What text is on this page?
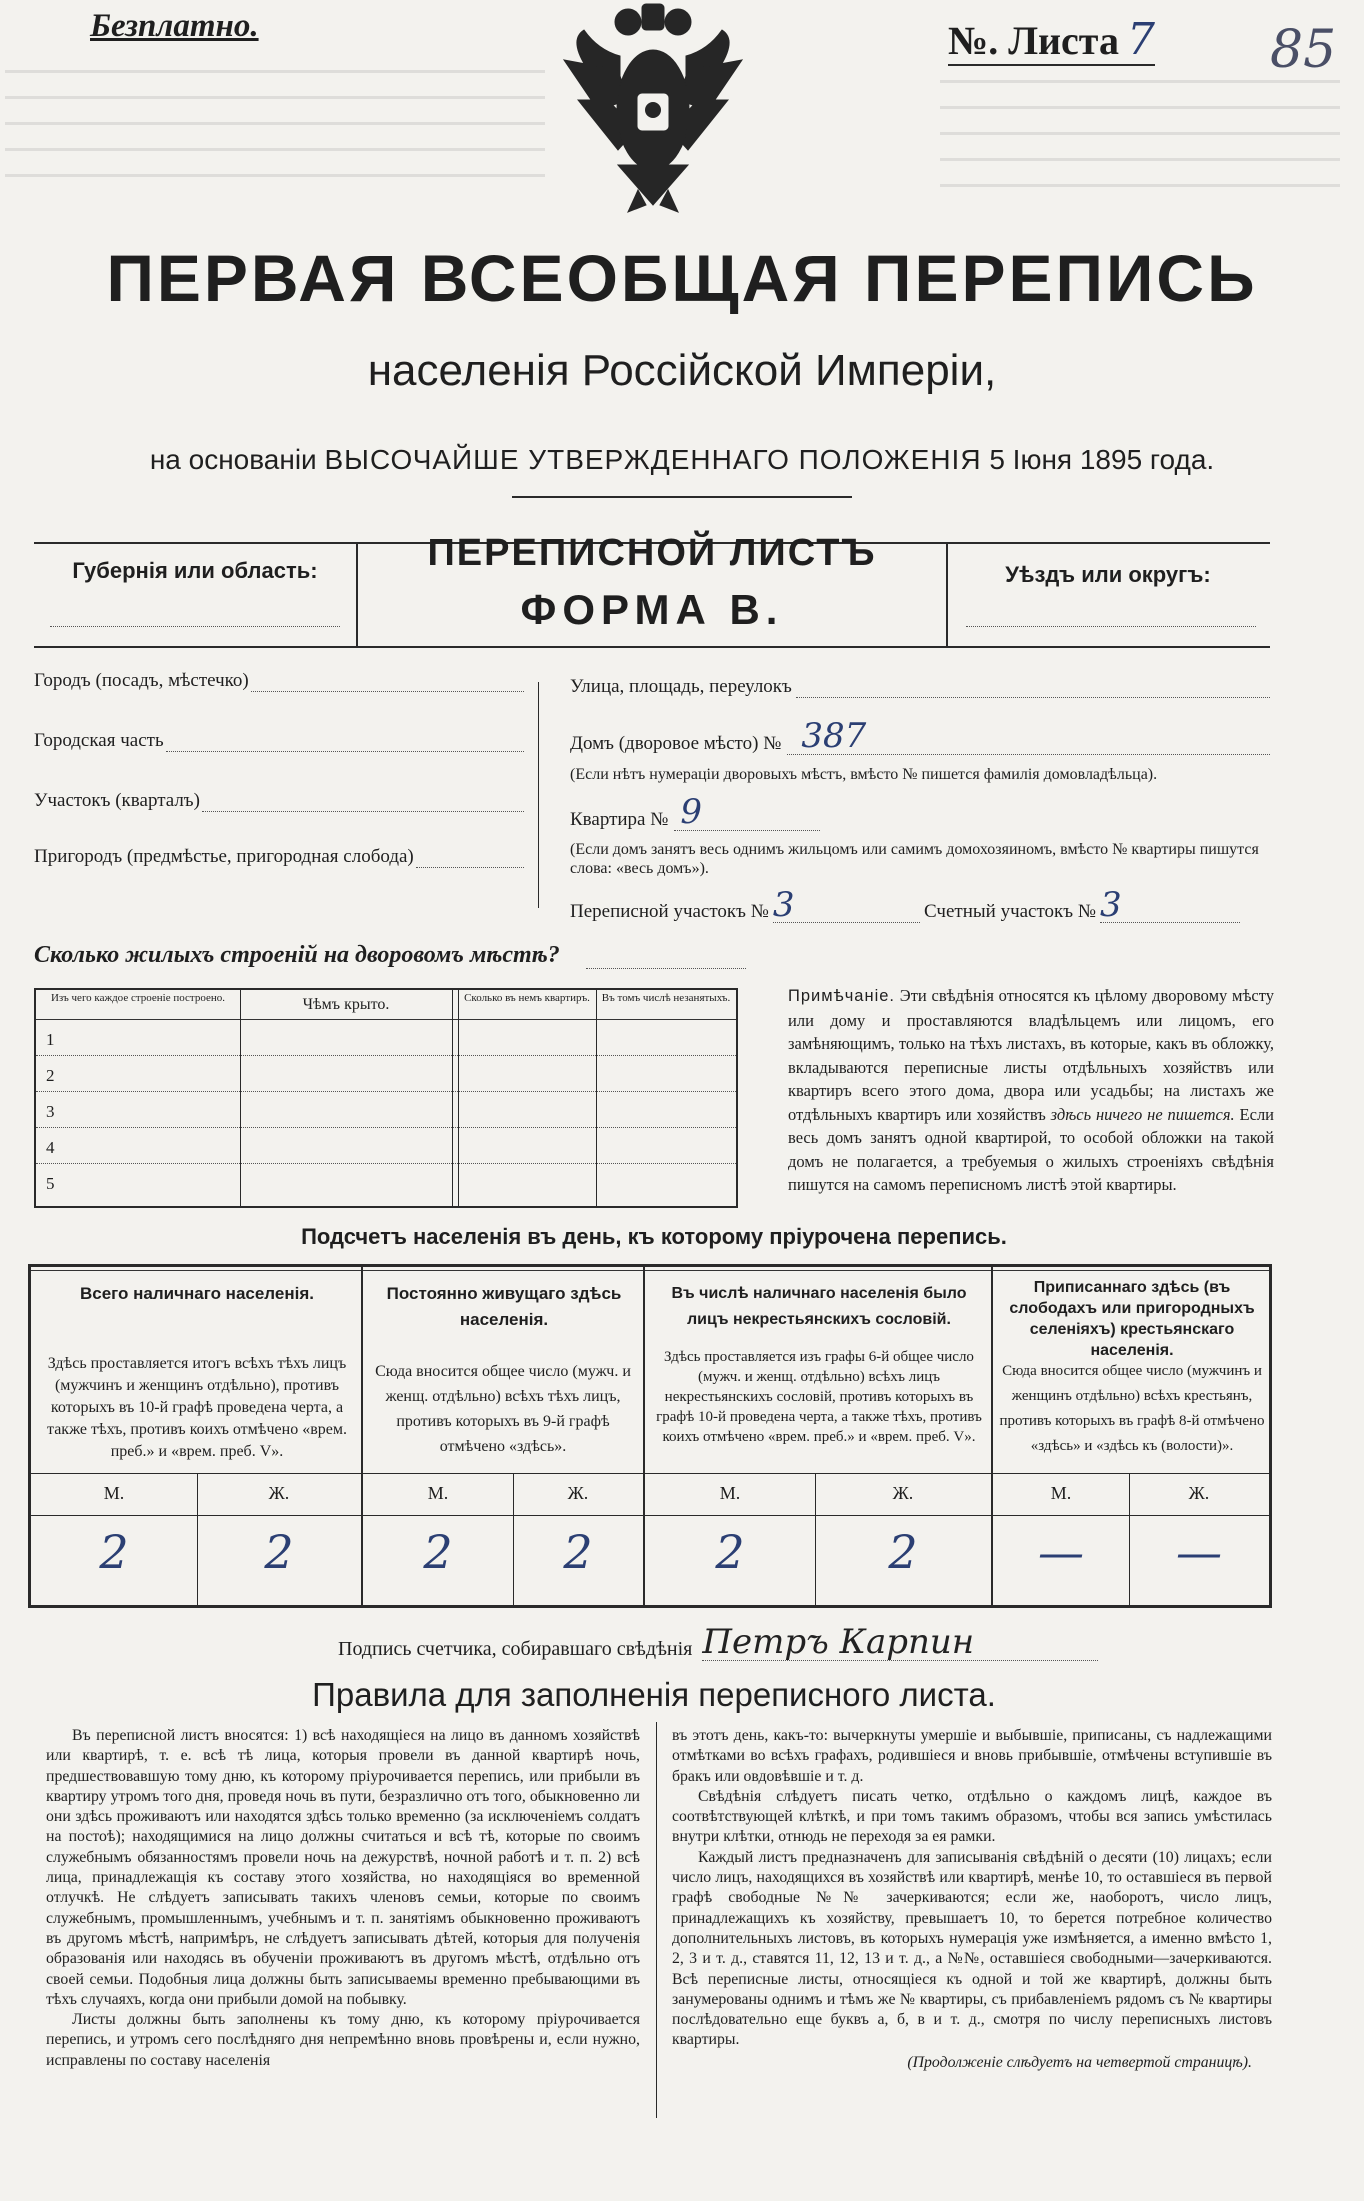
Безплатно.	№. Листа 7 85
ПЕРВАЯ ВСЕОБЩАЯ ПЕРЕПИСЬ
населенія Россійской Имперіи,
на основаніи ВЫСОЧАЙШЕ УТВЕРЖДЕННАГО ПОЛОЖЕНІЯ 5 Іюня 1895 года.
Губернія или область:	ПЕРЕПИСНОЙ ЛИСТЪ
ФОРМА В.
Уѣздъ или округъ:
Городъ (посадъ, мѣстечко)
Городская часть
Участокъ (кварталъ)
Пригородъ (предмѣстье, пригородная слобода)
Улица, площадь, переулокъ
Домъ (дворовое мѣсто) № 387
(Если нѣтъ нумераціи дворовыхъ мѣстъ, вмѣсто № пишется фамилія домовладѣльца).
Квартира № 9
(Если домъ занятъ весь однимъ жильцомъ или самимъ домохозяиномъ, вмѣсто № квартиры пишутся слова: «весь домъ»).
Переписной участокъ № 3	Счетный участокъ № 3
Сколько жилыхъ строеній на дворовомъ мѣстѣ?
Изъ чего каждое строеніе построено.	Чѣмъ крыто.	Сколько въ немъ квартиръ.	Въ томъ числѣ незанятыхъ.
1
2
3
4
5
Примѣчаніе. Эти свѣдѣнія относятся къ цѣлому дворовому мѣсту или дому и проставляются владѣльцемъ или лицомъ, его замѣняющимъ, только на тѣхъ листахъ, въ которые, какъ въ обложку, вкладываются переписные листы отдѣльныхъ хозяйствъ или квартиръ всего этого дома, двора или усадьбы; на листахъ же отдѣльныхъ квартиръ или хозяйствъ здѣсь ничего не пишется. Если весь домъ занятъ одной квартирой, то особой обложки на такой домъ не полагается, а требуемыя о жилыхъ строеніяхъ свѣдѣнія пишутся на самомъ переписномъ листѣ этой квартиры.
Подсчетъ населенія въ день, къ которому пріурочена перепись.
Всего наличнаго населенія.
Здѣсь проставляется итогъ всѣхъ тѣхъ лицъ (мужчинъ и женщинъ отдѣльно), противъ которыхъ въ 10-й графѣ проведена черта, а также тѣхъ, противъ коихъ отмѣчено «врем. преб.» и «врем. преб. V».
Постоянно живущаго здѣсь населенія.
Сюда вносится общее число (мужч. и женщ. отдѣльно) всѣхъ тѣхъ лицъ, противъ которыхъ въ 9-й графѣ отмѣчено «здѣсь».
Въ числѣ наличнаго населенія было лицъ некрестьянскихъ сословій.
Здѣсь проставляется изъ графы 6-й общее число (мужч. и женщ. отдѣльно) всѣхъ лицъ некрестьянскихъ сословій, противъ которыхъ въ графѣ 10-й проведена черта, а также тѣхъ, противъ коихъ отмѣчено «врем. преб.» и «врем. преб. V».
Приписаннаго здѣсь (въ слободахъ или пригородныхъ селеніяхъ) крестьянскаго населенія.
Сюда вносится общее число (мужчинъ и женщинъ отдѣльно) всѣхъ крестьянъ, противъ которыхъ въ графѣ 8-й отмѣчено «здѣсь» и «здѣсь къ (волости)».
М.	Ж.	М.	Ж.	М.	Ж.	М.	Ж.
2	2	2	2	2	2	—	—
Подпись счетчика, собиравшаго свѣдѣнія Петръ Карпин
Правила для заполненія переписного листа.

Въ переписной листъ вносятся: 1) всѣ находящіеся на лицо въ данномъ хозяйствѣ или квартирѣ, т. е. всѣ тѣ лица, которыя провели въ данной квартирѣ ночь, предшествовавшую тому дню, къ которому пріурочивается перепись, или прибыли въ квартиру утромъ того дня, проведя ночь въ пути, безразлично отъ того, обыкновенно ли они здѣсь проживаютъ или находятся здѣсь только временно (за исключеніемъ солдатъ на постоѣ); находящимися на лицо должны считаться и всѣ тѣ, которые по своимъ служебнымъ обязанностямъ провели ночь на дежурствѣ, ночной работѣ и т. п. 2) всѣ лица, принадлежащія къ составу этого хозяйства, но находящіяся во временной отлучкѣ. Не слѣдуетъ записывать такихъ членовъ семьи, которые по своимъ служебнымъ, промышленнымъ, учебнымъ и т. п. занятіямъ обыкновенно проживаютъ въ другомъ мѣстѣ, напримѣръ, не слѣдуетъ записывать дѣтей, которыя для полученія образованія или находясь въ обученіи проживаютъ въ другомъ мѣстѣ, отдѣльно отъ своей семьи. Подобныя лица должны быть записываемы временно пребывающими въ тѣхъ случаяхъ, когда они прибыли домой на побывку.

Листы должны быть заполнены къ тому дню, къ которому пріурочивается перепись, и утромъ сего послѣдняго дня непремѣнно вновь провѣрены и, если нужно, исправлены по составу населенія

въ этотъ день, какъ-то: вычеркнуты умершіе и выбывшіе, приписаны, съ надлежащими отмѣтками во всѣхъ графахъ, родившіеся и вновь прибывшіе, отмѣчены вступившіе въ бракъ или овдовѣвшіе и т. д.

Свѣдѣнія слѣдуетъ писать четко, отдѣльно о каждомъ лицѣ, каждое въ соотвѣтствующей клѣткѣ, и при томъ такимъ образомъ, чтобы вся запись умѣстилась внутри клѣтки, отнюдь не переходя за ея рамки.

Каждый листъ предназначенъ для записыванія свѣдѣній о десяти (10) лицахъ; если число лицъ, находящихся въ хозяйствѣ или квартирѣ, менѣе 10, то оставшіеся въ первой графѣ свободные №№ зачеркиваются; если же, наоборотъ, число лицъ, принадлежащихъ къ хозяйству, превышаетъ 10, то берется потребное количество дополнительныхъ листовъ, въ которыхъ нумерація уже измѣняется, а именно вмѣсто 1, 2, 3 и т. д., ставятся 11, 12, 13 и т. д., а №№, оставшіеся свободными—зачеркиваются. Всѣ переписные листы, относящіеся къ одной и той же квартирѣ, должны быть занумерованы однимъ и тѣмъ же № квартиры, съ прибавленіемъ рядомъ съ № квартиры послѣдовательно еще буквъ а, б, в и т. д., смотря по числу переписныхъ листовъ квартиры.

(Продолженіе слѣдуетъ на четвертой страницѣ).
